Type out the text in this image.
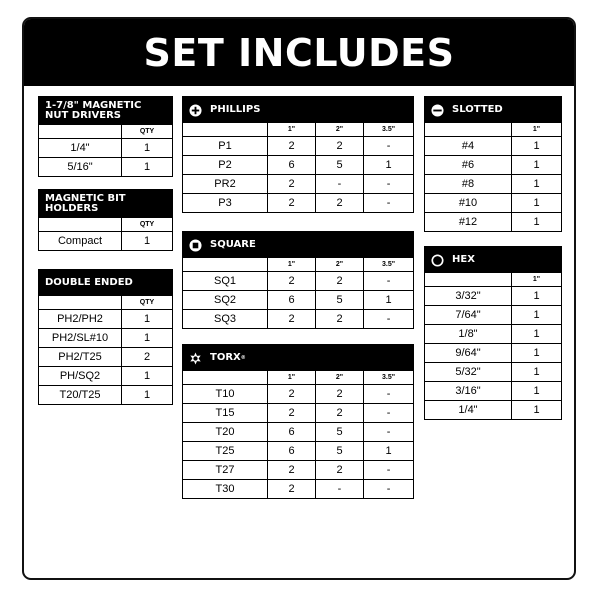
SET INCLUDES
1-7/8" MAGNETIC NUT DRIVERS	
	QTY
1/4"	1
5/16"	1
MAGNETIC BIT HOLDERS	
	QTY
Compact	1
DOUBLE ENDED	
	QTY
PH2/PH2	1
PH2/SL#10	1
PH2/T25	2
PH/SQ2	1
T20/T25	1
PHILLIPS			

	1"	2"	3.5"
P1	2	2	-
P2	6	5	1
PR2	2	-	-
P3	2	2	-
SQUARE			

	1"	2"	3.5"
SQ1	2	2	-
SQ2	6	5	1
SQ3	2	2	-
TORX ®			

	1"	2"	3.5"
T10	2	2	-
T15	2	2	-
T20	6	5	-
T25	6	5	1
T27	2	2	-
T30	2	-	-
SLOTTED	

	1"
#4	1
#6	1
#8	1
#10	1
#12	1
HEX	

	1"
3/32"	1
7/64"	1
1/8"	1
9/64"	1
5/32"	1
3/16"	1
1/4"	1
